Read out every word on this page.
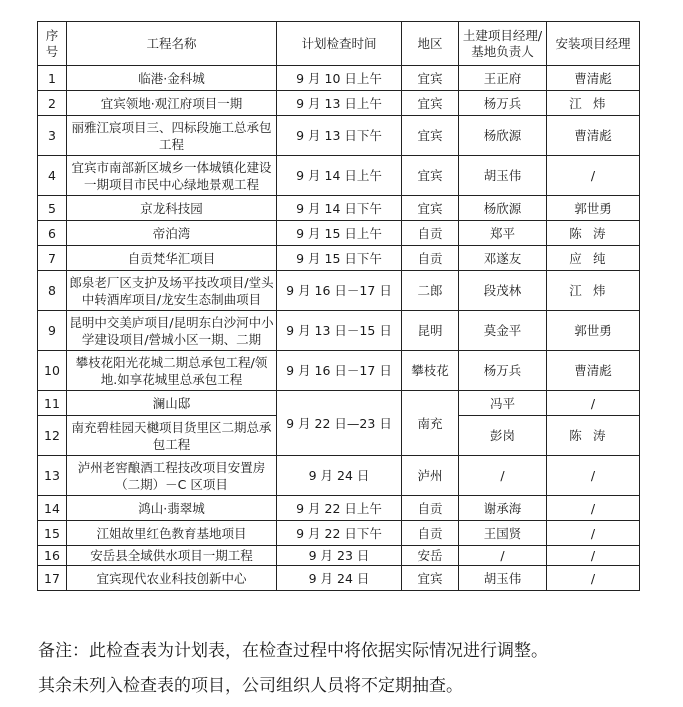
序号	工程名称	计划检查时间	地区	土建项目经理/基地负责人	安装项目经理
1	临港·金科城	9 月 10 日上午	宜宾	王正府	曹清彪
2	宜宾领地·观江府项目一期	9 月 13 日上午	宜宾	杨万兵	江炜
3	丽雅江宸项目三、四标段施工总承包工程	9 月 13 日下午	宜宾	杨欣源	曹清彪
4	宜宾市南部新区城乡一体城镇化建设一期项目市民中心绿地景观工程	9 月 14 日上午	宜宾	胡玉伟	/
5	京龙科技园	9 月 14 日下午	宜宾	杨欣源	郭世勇
6	帝泊湾	9 月 15 日上午	自贡	郑平	陈涛
7	自贡梵华汇项目	9 月 15 日下午	自贡	邓遂友	应纯
8	郎泉老厂区支护及场平技改项目/堂头中转酒库项目/龙安生态制曲项目	9 月 16 日－17 日	二郎	段茂林	江炜
9	昆明中交美庐项目/昆明东白沙河中小学建设项目/營城小区一期、二期	9 月 13 日－15 日	昆明	莫金平	郭世勇
10	攀枝花阳光花城二期总承包工程/领地.如享花城里总承包工程	9 月 16 日－17 日	攀枝花	杨万兵	曹清彪
11	澜山邸	9 月 22 日—23 日	南充	冯平	/
12	南充碧桂园天樾项目货里区二期总承包工程			彭岗	陈涛
13	泸州老窖酿酒工程技改项目安置房（二期）－C 区项目	9 月 24 日	泸州	/	/
14	鸿山·翡翠城	9 月 22 日上午	自贡	谢承海	/
15	江姐故里红色教育基地项目	9 月 22 日下午	自贡	王国贤	/
16	安岳县全域供水项目一期工程	9 月 23 日	安岳	/	/
17	宜宾现代农业科技创新中心	9 月 24 日	宜宾	胡玉伟	/

备注：此检查表为计划表，在检查过程中将依据实际情况进行调整。

其余未列入检查表的项目，公司组织人员将不定期抽查。
